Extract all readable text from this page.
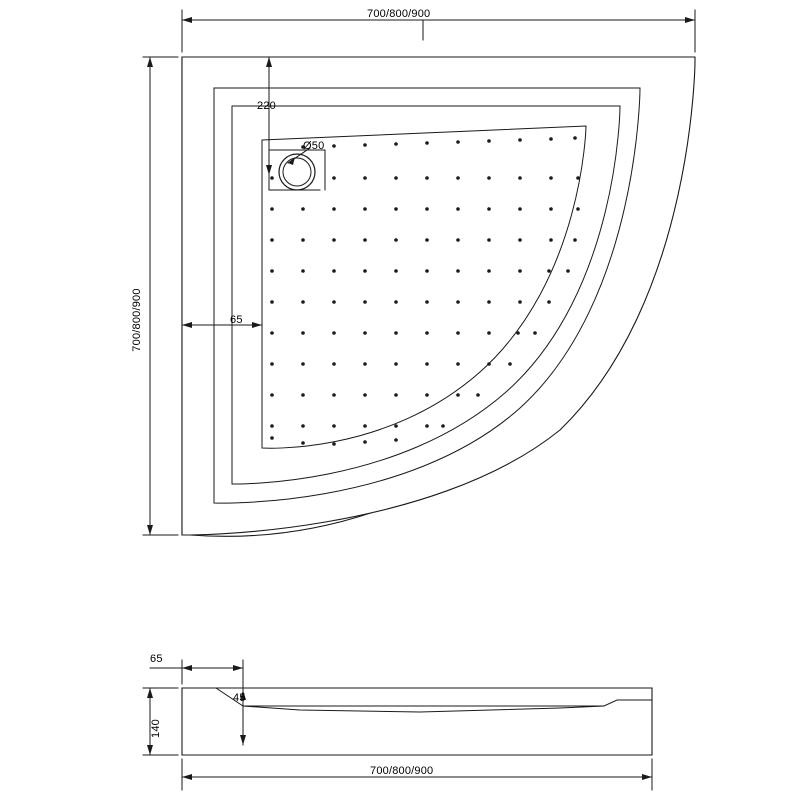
700/800/900
700/800/900
220
Ø50
65
65
45
140
700/800/900
